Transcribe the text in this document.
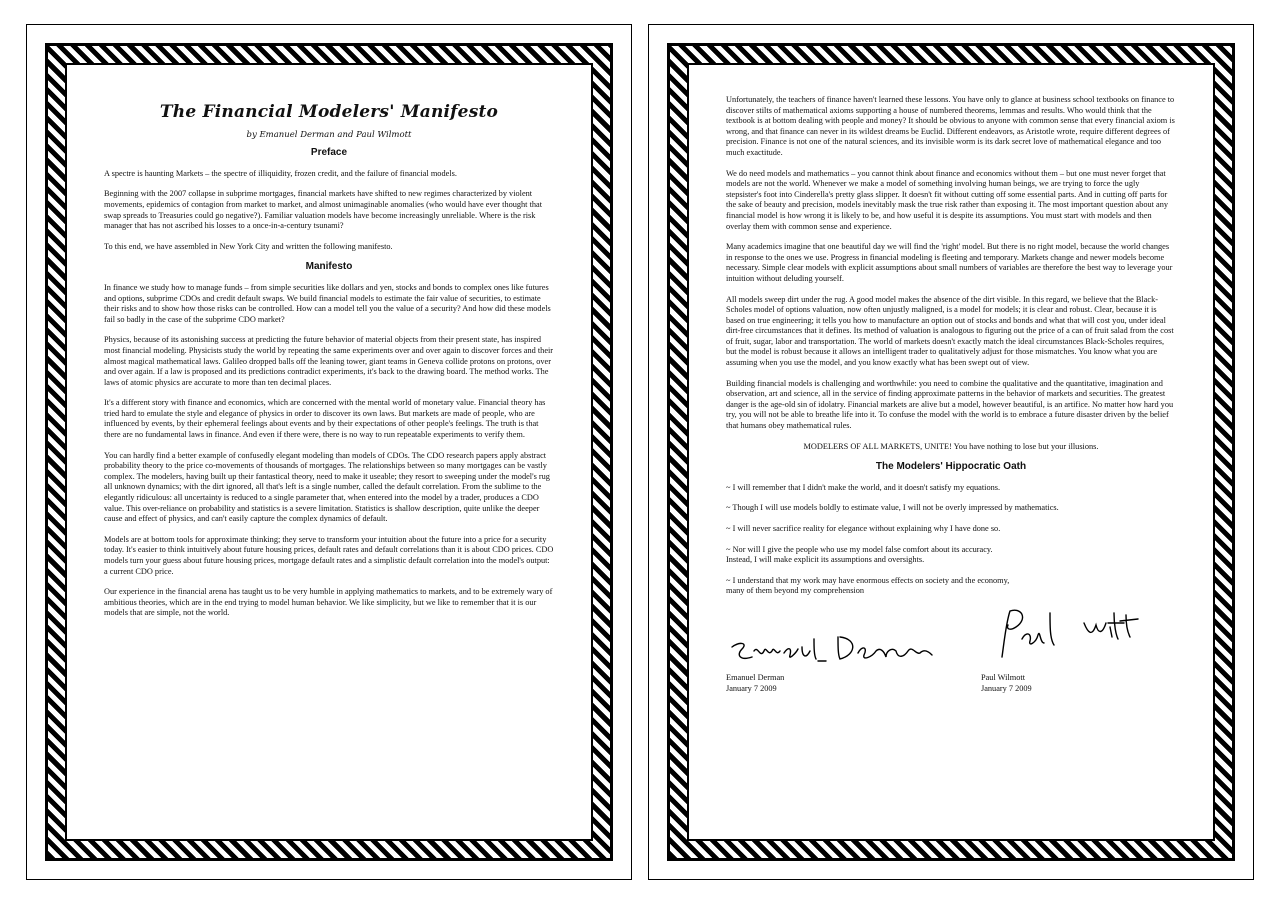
The Financial Modelers' Manifesto
by Emanuel Derman and Paul Wilmott
Preface

A spectre is haunting Markets – the spectre of illiquidity, frozen credit, and the failure of financial models.

Beginning with the 2007 collapse in subprime mortgages, financial markets have shifted to new regimes characterized by violent movements, epidemics of contagion from market to market, and almost unimaginable anomalies (who would have ever thought that swap spreads to Treasuries could go negative?). Familiar valuation models have become increasingly unreliable. Where is the risk manager that has not ascribed his losses to a once-in-a-century tsunami?

To this end, we have assembled in New York City and written the following manifesto.

Manifesto

In finance we study how to manage funds – from simple securities like dollars and yen, stocks and bonds to complex ones like futures and options, subprime CDOs and credit default swaps. We build financial models to estimate the fair value of securities, to estimate their risks and to show how those risks can be controlled. How can a model tell you the value of a security? And how did these models fail so badly in the case of the subprime CDO market?

Physics, because of its astonishing success at predicting the future behavior of material objects from their present state, has inspired most financial modeling. Physicists study the world by repeating the same experiments over and over again to discover forces and their almost magical mathematical laws. Galileo dropped balls off the leaning tower, giant teams in Geneva collide protons on protons, over and over again. If a law is proposed and its predictions contradict experiments, it's back to the drawing board. The method works. The laws of atomic physics are accurate to more than ten decimal places.

It's a different story with finance and economics, which are concerned with the mental world of monetary value. Financial theory has tried hard to emulate the style and elegance of physics in order to discover its own laws. But markets are made of people, who are influenced by events, by their ephemeral feelings about events and by their expectations of other people's feelings. The truth is that there are no fundamental laws in finance. And even if there were, there is no way to run repeatable experiments to verify them.

You can hardly find a better example of confusedly elegant modeling than models of CDOs. The CDO research papers apply abstract probability theory to the price co-movements of thousands of mortgages. The relationships between so many mortgages can be vastly complex. The modelers, having built up their fantastical theory, need to make it useable; they resort to sweeping under the model's rug all unknown dynamics; with the dirt ignored, all that's left is a single number, called the default correlation. From the sublime to the elegantly ridiculous: all uncertainty is reduced to a single parameter that, when entered into the model by a trader, produces a CDO value. This over-reliance on probability and statistics is a severe limitation. Statistics is shallow description, quite unlike the deeper cause and effect of physics, and can't easily capture the complex dynamics of default.

Models are at bottom tools for approximate thinking; they serve to transform your intuition about the future into a price for a security today. It's easier to think intuitively about future housing prices, default rates and default correlations than it is about CDO prices. CDO models turn your guess about future housing prices, mortgage default rates and a simplistic default correlation into the model's output: a current CDO price.

Our experience in the financial arena has taught us to be very humble in applying mathematics to markets, and to be extremely wary of ambitious theories, which are in the end trying to model human behavior. We like simplicity, but we like to remember that it is our models that are simple, not the world.

Unfortunately, the teachers of finance haven't learned these lessons. You have only to glance at business school textbooks on finance to discover stilts of mathematical axioms supporting a house of numbered theorems, lemmas and results. Who would think that the textbook is at bottom dealing with people and money? It should be obvious to anyone with common sense that every financial axiom is wrong, and that finance can never in its wildest dreams be Euclid. Different endeavors, as Aristotle wrote, require different degrees of precision. Finance is not one of the natural sciences, and its invisible worm is its dark secret love of mathematical elegance and too much exactitude.

We do need models and mathematics – you cannot think about finance and economics without them – but one must never forget that models are not the world. Whenever we make a model of something involving human beings, we are trying to force the ugly stepsister's foot into Cinderella's pretty glass slipper. It doesn't fit without cutting off some essential parts. And in cutting off parts for the sake of beauty and precision, models inevitably mask the true risk rather than exposing it. The most important question about any financial model is how wrong it is likely to be, and how useful it is despite its assumptions. You must start with models and then overlay them with common sense and experience.

Many academics imagine that one beautiful day we will find the 'right' model. But there is no right model, because the world changes in response to the ones we use. Progress in financial modeling is fleeting and temporary. Markets change and newer models become necessary. Simple clear models with explicit assumptions about small numbers of variables are therefore the best way to leverage your intuition without deluding yourself.

All models sweep dirt under the rug. A good model makes the absence of the dirt visible. In this regard, we believe that the Black-Scholes model of options valuation, now often unjustly maligned, is a model for models; it is clear and robust. Clear, because it is based on true engineering; it tells you how to manufacture an option out of stocks and bonds and what that will cost you, under ideal dirt-free circumstances that it defines. Its method of valuation is analogous to figuring out the price of a can of fruit salad from the cost of fruit, sugar, labor and transportation. The world of markets doesn't exactly match the ideal circumstances Black-Scholes requires, but the model is robust because it allows an intelligent trader to qualitatively adjust for those mismatches. You know what you are assuming when you use the model, and you know exactly what has been swept out of view.

Building financial models is challenging and worthwhile: you need to combine the qualitative and the quantitative, imagination and observation, art and science, all in the service of finding approximate patterns in the behavior of markets and securities. The greatest danger is the age-old sin of idolatry. Financial markets are alive but a model, however beautiful, is an artifice. No matter how hard you try, you will not be able to breathe life into it. To confuse the model with the world is to embrace a future disaster driven by the belief that humans obey mathematical rules.

MODELERS OF ALL MARKETS, UNITE! You have nothing to lose but your illusions.

The Modelers' Hippocratic Oath

~ I will remember that I didn't make the world, and it doesn't satisfy my equations.

~ Though I will use models boldly to estimate value, I will not be overly impressed by mathematics.

~ I will never sacrifice reality for elegance without explaining why I have done so.

~ Nor will I give the people who use my model false comfort about its accuracy.
Instead, I will make explicit its assumptions and oversights.

~ I understand that my work may have enormous effects on society and the economy,
many of them beyond my comprehension

Emanuel Derman
January 7 2009
Paul Wilmott
January 7 2009
